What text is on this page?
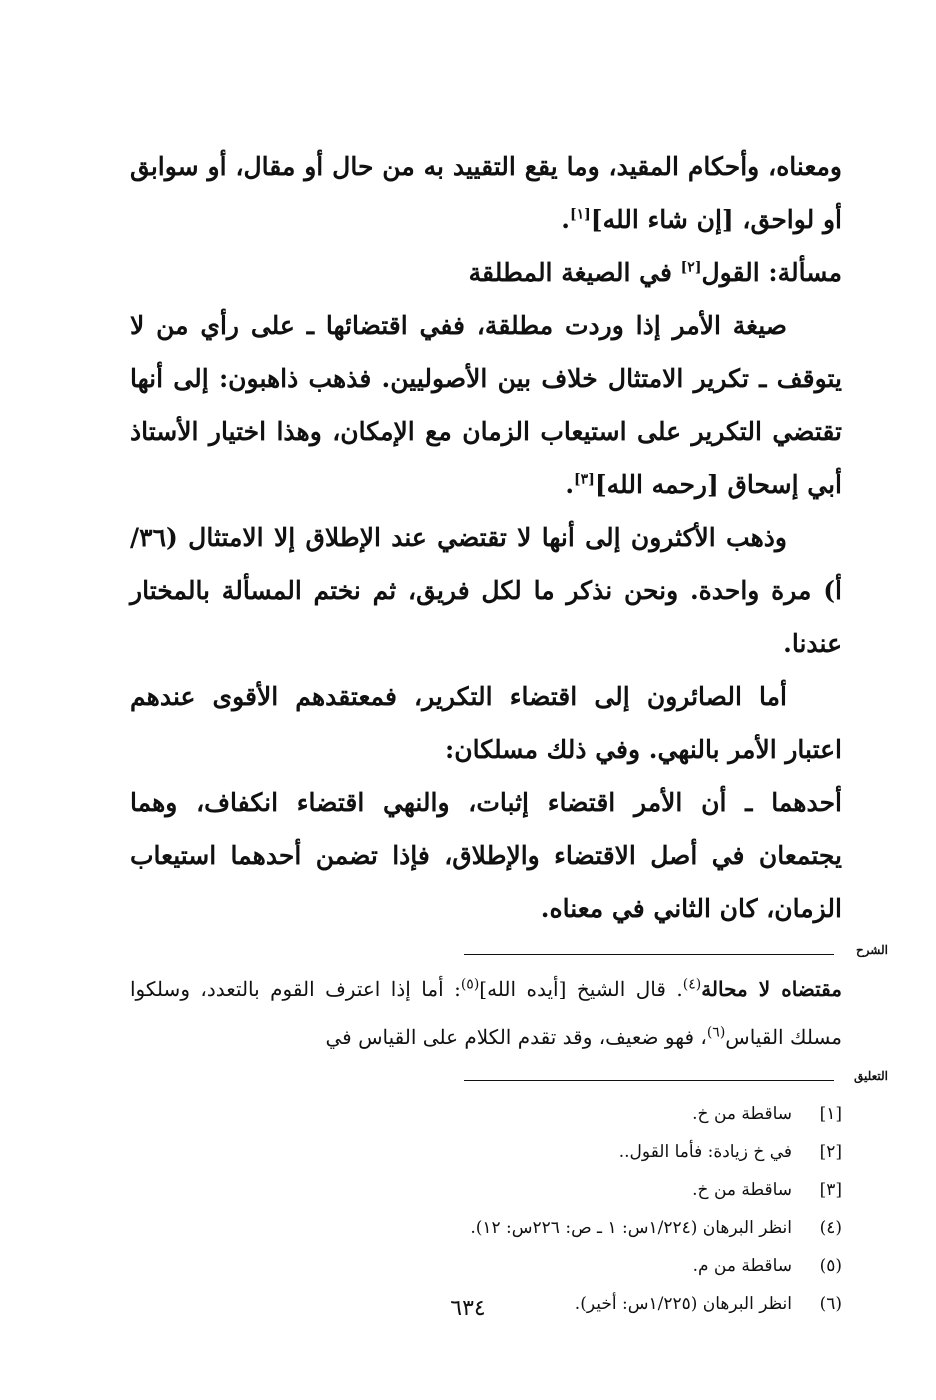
ومعناه، وأحكام المقيد، وما يقع التقييد به من حال أو مقال، أو سوابق أو لواحق، [إن شاء الله][١].

مسألة: القول[٢] في الصيغة المطلقة

صيغة الأمر إذا وردت مطلقة، ففي اقتضائها ـ على رأي من لا يتوقف ـ تكرير الامتثال خلاف بين الأصوليين. فذهب ذاهبون: إلى أنها تقتضي التكرير على استيعاب الزمان مع الإمكان، وهذا اختيار الأستاذ أبي إسحاق [رحمه الله][٣].

وذهب الأكثرون إلى أنها لا تقتضي عند الإطلاق إلا الامتثال (٣٦/أ) مرة واحدة. ونحن نذكر ما لكل فريق، ثم نختم المسألة بالمختار عندنا.

أما الصائرون إلى اقتضاء التكرير، فمعتقدهم الأقوى عندهم اعتبار الأمر بالنهي. وفي ذلك مسلكان:

أحدهما ـ أن الأمر اقتضاء إثبات، والنهي اقتضاء انكفاف، وهما يجتمعان في أصل الاقتضاء والإطلاق، فإذا تضمن أحدهما استيعاب الزمان، كان الثاني في معناه.

الشرح

مقتضاه لا محالة$^{(٤)}$. قال الشيخ [أيده الله]$^{(٥)}$: أما إذا اعترف القوم بالتعدد، وسلكوا مسلك القياس$^{(٦)}$، فهو ضعيف، وقد تقدم الكلام على القياس في

التعليق
[١]
ساقطة من خ.
[٢]
في خ زيادة: فأما القول..
[٣]
ساقطة من خ.
(٤)
انظر البرهان (١/٢٢٤س: ١ ـ ص: ٢٢٦س: ١٢).
(٥)
ساقطة من م.
(٦)
انظر البرهان (١/٢٢٥س: أخير).
٦٣٤
